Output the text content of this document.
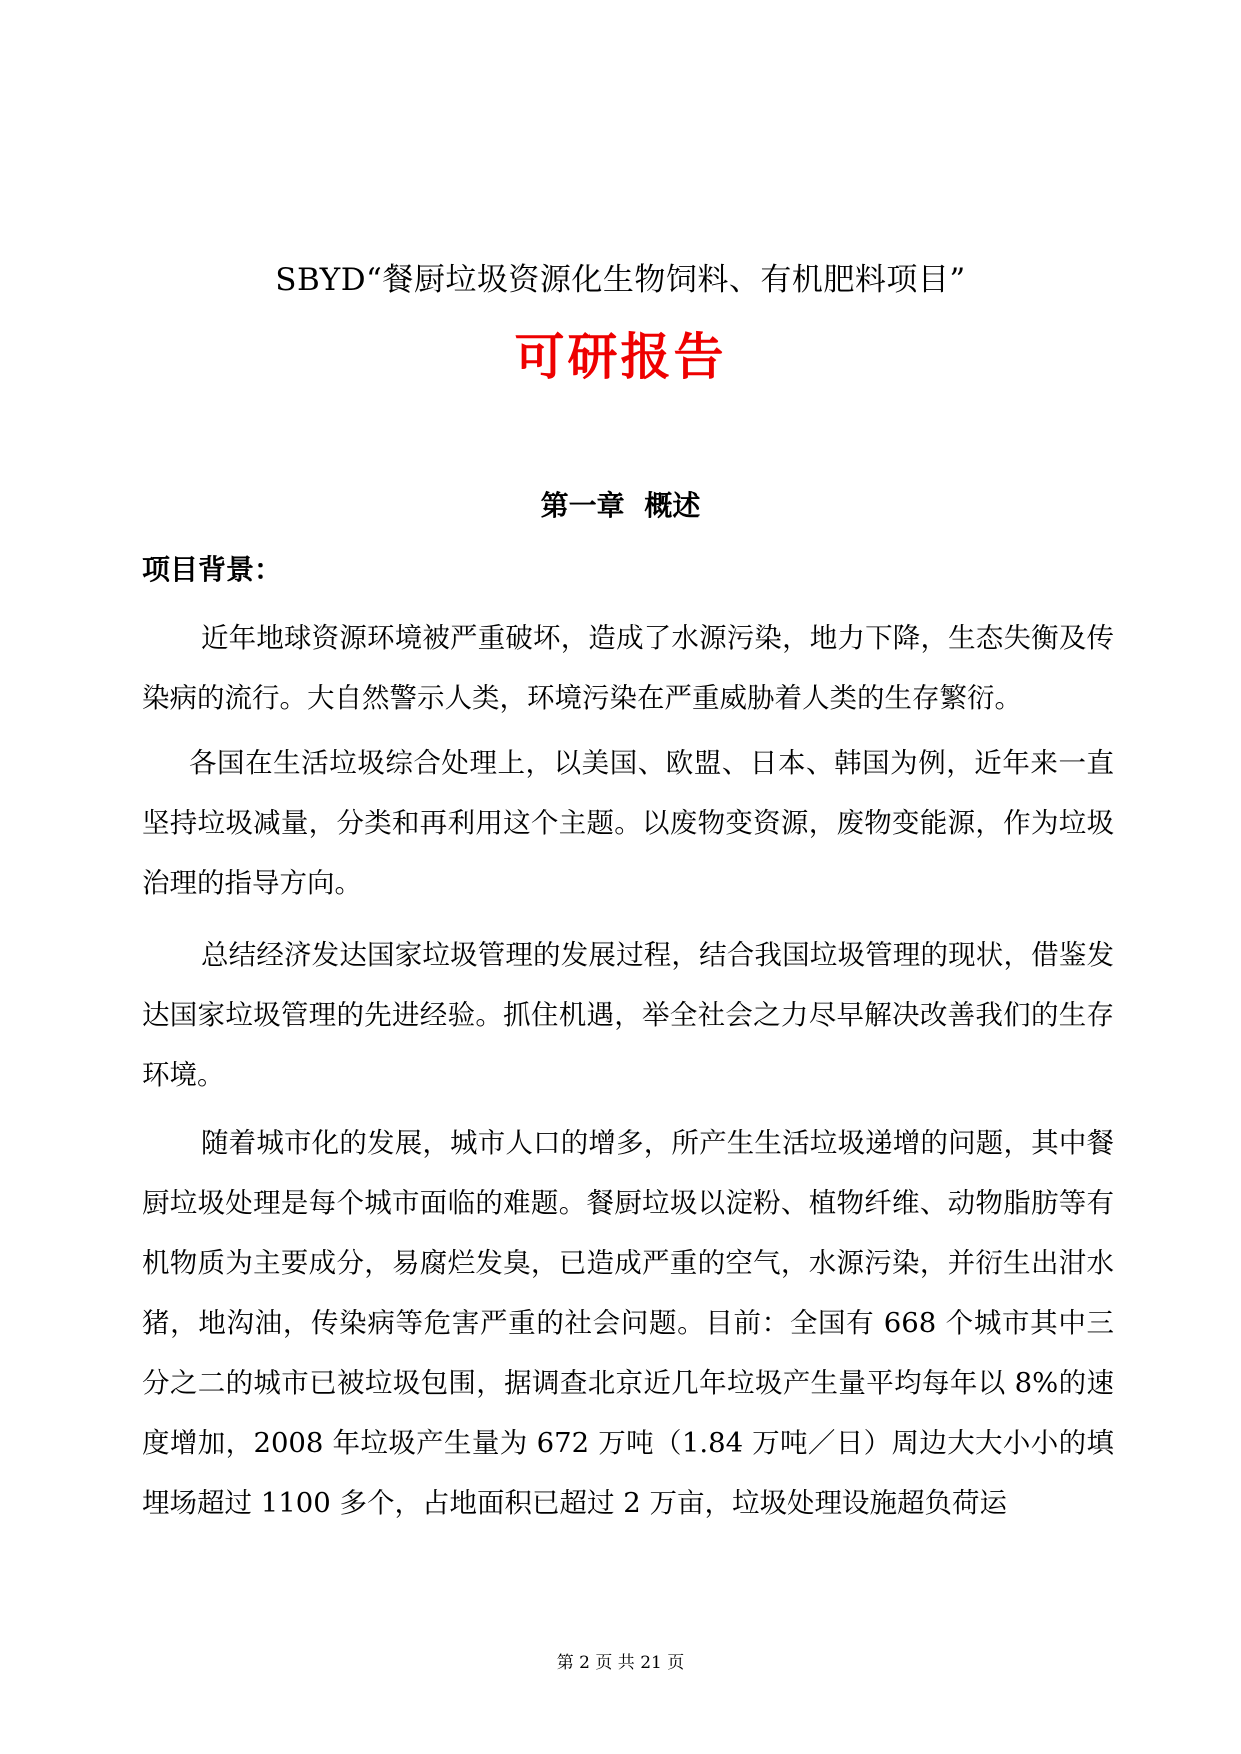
SBYD“餐厨垃圾资源化生物饲料、有机肥料项目”
可研报告
第一章 概述
项目背景：

近年地球资源环境被严重破坏，造成了水源污染，地力下降，生态失衡及传染病的流行。大自然警示人类，环境污染在严重威胁着人类的生存繁衍。

各国在生活垃圾综合处理上，以美国、欧盟、日本、韩国为例，近年来一直坚持垃圾减量，分类和再利用这个主题。以废物变资源，废物变能源，作为垃圾治理的指导方向。

总结经济发达国家垃圾管理的发展过程，结合我国垃圾管理的现状，借鉴发达国家垃圾管理的先进经验。抓住机遇，举全社会之力尽早解决改善我们的生存环境。

随着城市化的发展，城市人口的增多，所产生生活垃圾递增的问题，其中餐厨垃圾处理是每个城市面临的难题。餐厨垃圾以淀粉、植物纤维、动物脂肪等有机物质为主要成分，易腐烂发臭，已造成严重的空气，水源污染，并衍生出泔水猪，地沟油，传染病等危害严重的社会问题。目前：全国有 668 个城市其中三分之二的城市已被垃圾包围，据调查北京近几年垃圾产生量平均每年以 8%的速度增加，2008 年垃圾产生量为 672 万吨（1.84 万吨／日）周边大大小小的填埋场超过 1100 多个，占地面积已超过 2 万亩，垃圾处理设施超负荷运

第 2 页 共 21 页
